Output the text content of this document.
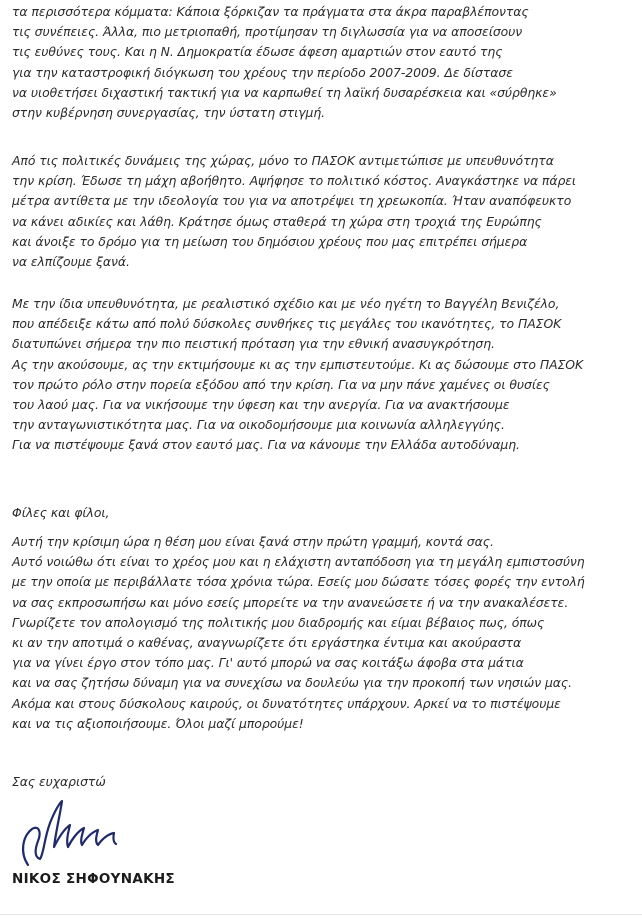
τα περισσότερα κόμματα: Κάποια ξόρκιζαν τα πράγματα στα άκρα παραβλέποντας
τις συνέπειες. Άλλα, πιο μετριοπαθή, προτίμησαν τη διγλωσσία για να αποσείσουν
τις ευθύνες τους. Και η Ν. Δημοκρατία έδωσε άφεση αμαρτιών στον εαυτό της
για την καταστροφική διόγκωση του χρέους την περίοδο 2007-2009. Δε δίστασε
να υιοθετήσει διχαστική τακτική για να καρπωθεί τη λαϊκή δυσαρέσκεια και «σύρθηκε»
στην κυβέρνηση συνεργασίας, την ύστατη στιγμή.
Από τις πολιτικές δυνάμεις της χώρας, μόνο το ΠΑΣΟΚ αντιμετώπισε με υπευθυνότητα
την κρίση. Έδωσε τη μάχη αβοήθητο. Αψήφησε το πολιτικό κόστος. Αναγκάστηκε να πάρει
μέτρα αντίθετα με την ιδεολογία του για να αποτρέψει τη χρεωκοπία. Ήταν αναπόφευκτο
να κάνει αδικίες και λάθη. Κράτησε όμως σταθερά τη χώρα στη τροχιά της Ευρώπης
και άνοιξε το δρόμο για τη μείωση του δημόσιου χρέους που μας επιτρέπει σήμερα
να ελπίζουμε ξανά.
Με την ίδια υπευθυνότητα, με ρεαλιστικό σχέδιο και με νέο ηγέτη το Βαγγέλη Βενιζέλο,
που απέδειξε κάτω από πολύ δύσκολες συνθήκες τις μεγάλες του ικανότητες, το ΠΑΣΟΚ
διατυπώνει σήμερα την πιο πειστική πρόταση για την εθνική ανασυγκρότηση.
Ας την ακούσουμε, ας την εκτιμήσουμε κι ας την εμπιστευτούμε. Κι ας δώσουμε στο ΠΑΣΟΚ
τον πρώτο ρόλο στην πορεία εξόδου από την κρίση. Για να μην πάνε χαμένες οι θυσίες
του λαού μας. Για να νικήσουμε την ύφεση και την ανεργία. Για να ανακτήσουμε
την ανταγωνιστικότητα μας. Για να οικοδομήσουμε μια κοινωνία αλληλεγγύης.
Για να πιστέψουμε ξανά στον εαυτό μας. Για να κάνουμε την Ελλάδα αυτοδύναμη.
Φίλες και φίλοι,
Αυτή την κρίσιμη ώρα η θέση μου είναι ξανά στην πρώτη γραμμή, κοντά σας.
Αυτό νοιώθω ότι είναι το χρέος μου και η ελάχιστη ανταπόδοση για τη μεγάλη εμπιστοσύνη
με την οποία με περιβάλλατε τόσα χρόνια τώρα. Εσείς μου δώσατε τόσες φορές την εντολή
να σας εκπροσωπήσω και μόνο εσείς μπορείτε να την ανανεώσετε ή να την ανακαλέσετε.
Γνωρίζετε τον απολογισμό της πολιτικής μου διαδρομής και είμαι βέβαιος πως, όπως
κι αν την αποτιμά ο καθένας, αναγνωρίζετε ότι εργάστηκα έντιμα και ακούραστα
για να γίνει έργο στον τόπο μας. Γι' αυτό μπορώ να σας κοιτάξω άφοβα στα μάτια
και να σας ζητήσω δύναμη για να συνεχίσω να δουλεύω για την προκοπή των νησιών μας.
Ακόμα και στους δύσκολους καιρούς, οι δυνατότητες υπάρχουν. Αρκεί να το πιστέψουμε
και να τις αξιοποιήσουμε. Όλοι μαζί μπορούμε!
Σας ευχαριστώ
ΝΙΚΟΣ ΣΗΦΟΥΝΑΚΗΣ
